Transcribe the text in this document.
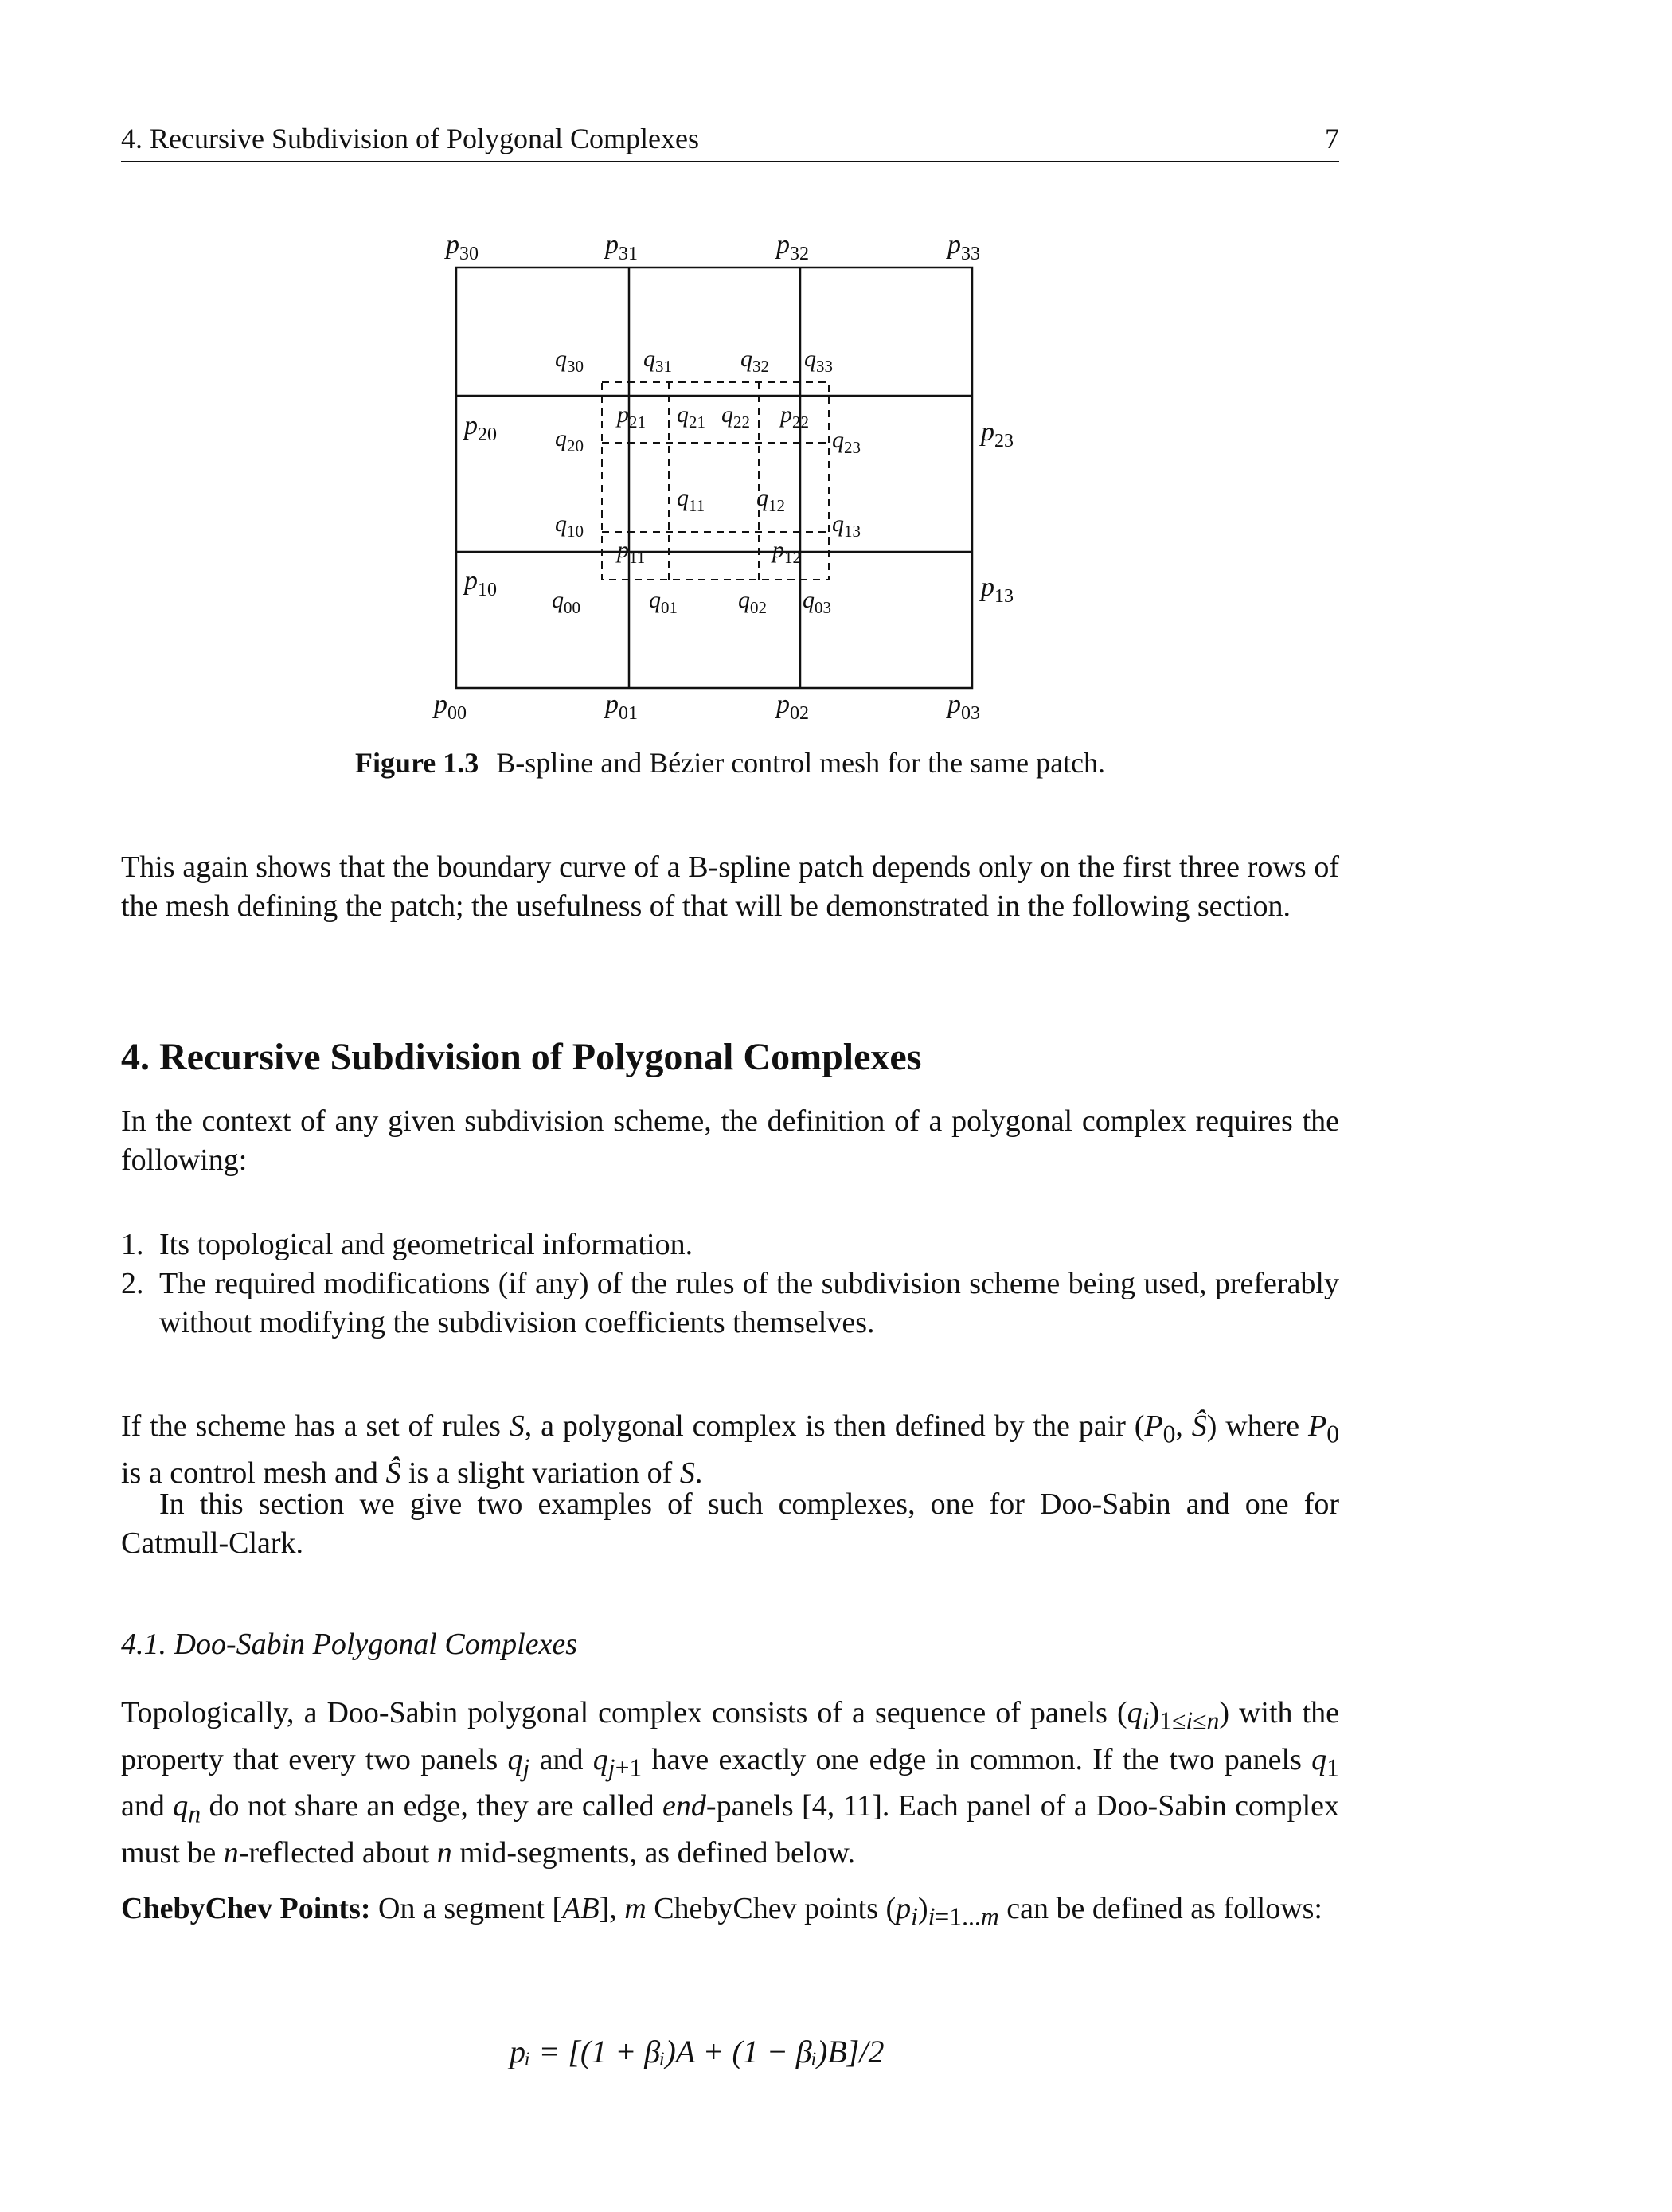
4. Recursive Subdivision of Polygonal Complexes	7
$p_{30}$	$p_{31}$	$p_{32}$	$p_{33}$
$p_{20}$	$p_{23}$
$p_{10}$	$p_{13}$
$p_{00}$	$p_{01}$	$p_{02}$	$p_{03}$
$q_{30}$	$q_{31}$	$q_{32}$ $q_{33}$
$q_{20}$
$q_{21}$ $q_{22}$
$q_{23}$
$q_{10}$
$q_{11}$ $q_{12}$
$q_{13}$
$q_{00}$	$q_{01}$	$q_{02}$ $q_{03}$
$p_{21}$	$p_{22}$
$p_{11}$	$p_{12}$
Figure 1.3 B-spline and Bézier control mesh for the same patch.
This again shows that the boundary curve of a B-spline patch depends only on the first three rows of the mesh defining the patch; the usefulness of that will be demonstrated in the following section.
4. Recursive Subdivision of Polygonal Complexes
In the context of any given subdivision scheme, the definition of a polygonal complex requires the following:
1. Its topological and geometrical information.
2. The required modifications (if any) of the rules of the subdivision scheme being used, preferably without modifying the subdivision coefficients themselves.
If the scheme has a set of rules S, a polygonal complex is then defined by the pair ($P_0$, Ŝ) where $P_0$ is a control mesh and Ŝ is a slight variation of S.
In this section we give two examples of such complexes, one for Doo-Sabin and one for Catmull-Clark.
4.1. Doo-Sabin Polygonal Complexes
Topologically, a Doo-Sabin polygonal complex consists of a sequence of panels $(q_i)_{1\le i\le n}$) with the property that every two panels $q_j$ and $q_{j+1}$ have exactly one edge in common. If the two panels $q_1$ and $q_n$ do not share an edge, they are called end-panels [4, 11]. Each panel of a Doo-Sabin complex must be n-reflected about n mid-segments, as defined below.
ChebyChev Points: On a segment [AB], m ChebyChev points $(p_i)_{i=1...m}$ can be defined as follows:
pᵢ = [(1 + βᵢ)A + (1 − βᵢ)B]/2
